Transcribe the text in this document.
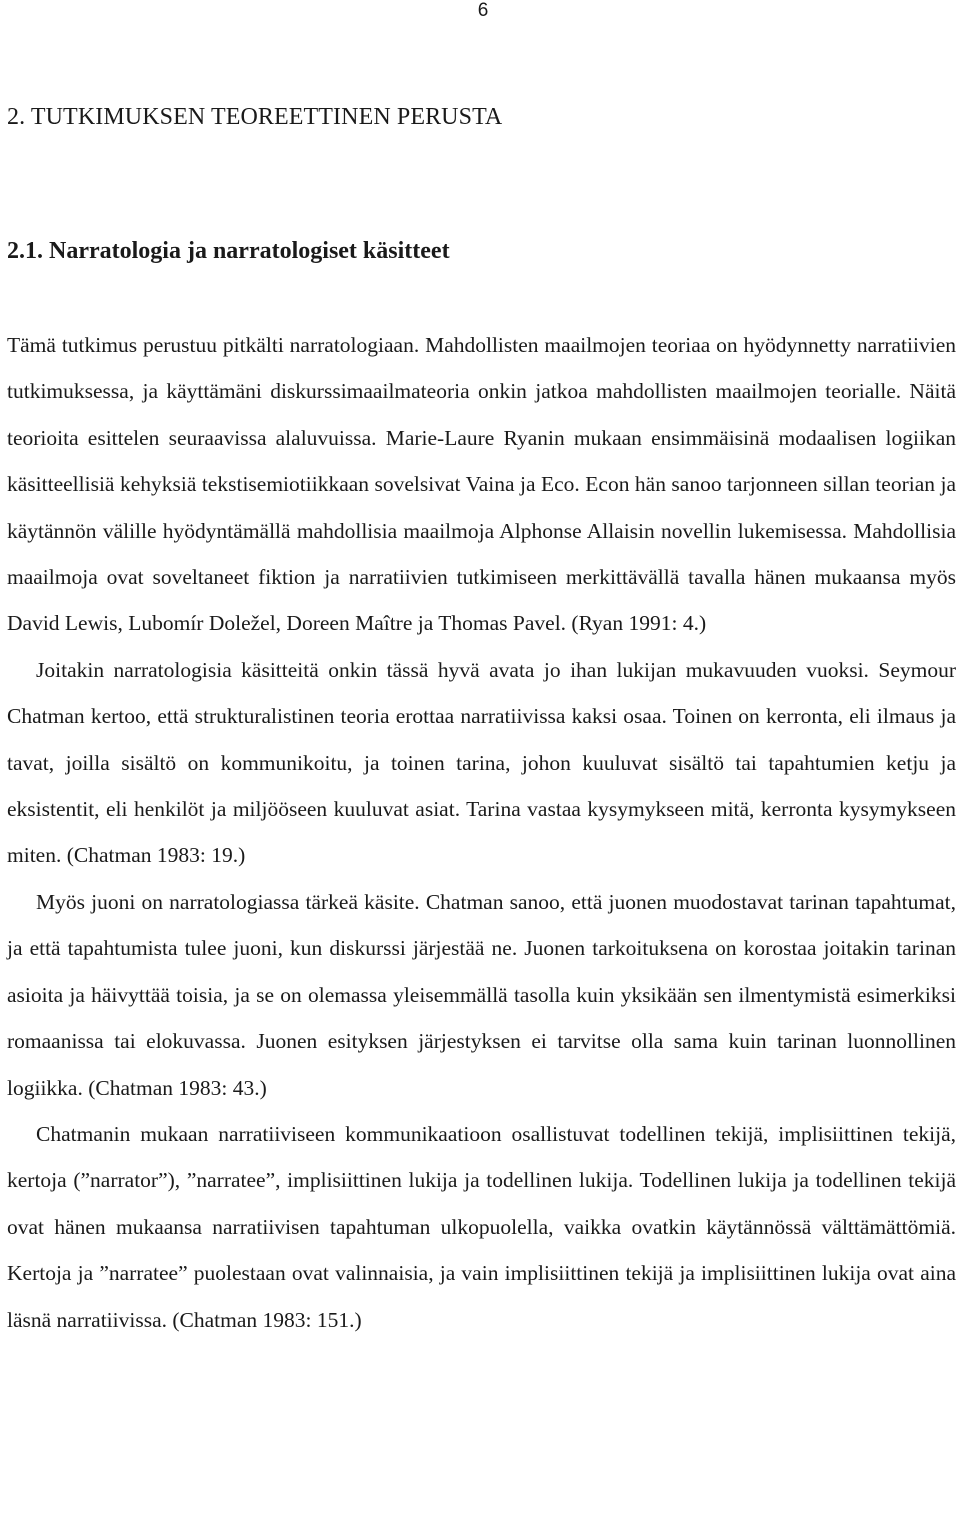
6
2. TUTKIMUKSEN TEOREETTINEN PERUSTA
2.1. Narratologia ja narratologiset käsitteet

Tämä tutkimus perustuu pitkälti narratologiaan. Mahdollisten maailmojen teoriaa on hyödynnetty narratiivien tutkimuksessa, ja käyttämäni diskurssimaailmateoria onkin jatkoa mahdollisten maailmojen teorialle. Näitä teorioita esittelen seuraavissa alaluvuissa. Marie-Laure Ryanin mukaan ensimmäisinä modaalisen logiikan käsitteellisiä kehyksiä tekstisemiotiikkaan sovelsivat Vaina ja Eco. Econ hän sanoo tarjonneen sillan teorian ja käytännön välille hyödyntämällä mahdollisia maailmoja Alphonse Allaisin novellin lukemisessa. Mahdollisia maailmoja ovat soveltaneet fiktion ja narratiivien tutkimiseen merkittävällä tavalla hänen mukaansa myös David Lewis, Lubomír Doležel, Doreen Maître ja Thomas Pavel. (Ryan 1991: 4.)

Joitakin narratologisia käsitteitä onkin tässä hyvä avata jo ihan lukijan mukavuuden vuoksi. Seymour Chatman kertoo, että strukturalistinen teoria erottaa narratiivissa kaksi osaa. Toinen on kerronta, eli ilmaus ja tavat, joilla sisältö on kommunikoitu, ja toinen tarina, johon kuuluvat sisältö tai tapahtumien ketju ja eksistentit, eli henkilöt ja miljööseen kuuluvat asiat. Tarina vastaa kysymykseen mitä, kerronta kysymykseen miten. (Chatman 1983: 19.)

Myös juoni on narratologiassa tärkeä käsite. Chatman sanoo, että juonen muodostavat tarinan tapahtumat, ja että tapahtumista tulee juoni, kun diskurssi järjestää ne. Juonen tarkoituksena on korostaa joitakin tarinan asioita ja häivyttää toisia, ja se on olemassa yleisemmällä tasolla kuin yksikään sen ilmentymistä esimerkiksi romaanissa tai elokuvassa. Juonen esityksen järjestyksen ei tarvitse olla sama kuin tarinan luonnollinen logiikka. (Chatman 1983: 43.)

Chatmanin mukaan narratiiviseen kommunikaatioon osallistuvat todellinen tekijä, implisiittinen tekijä, kertoja (”narrator”), ”narratee”, implisiittinen lukija ja todellinen lukija. Todellinen lukija ja todellinen tekijä ovat hänen mukaansa narratiivisen tapahtuman ulkopuolella, vaikka ovatkin käytännössä välttämättömiä. Kertoja ja ”narratee” puolestaan ovat valinnaisia, ja vain implisiittinen tekijä ja implisiittinen lukija ovat aina läsnä narratiivissa. (Chatman 1983: 151.)
